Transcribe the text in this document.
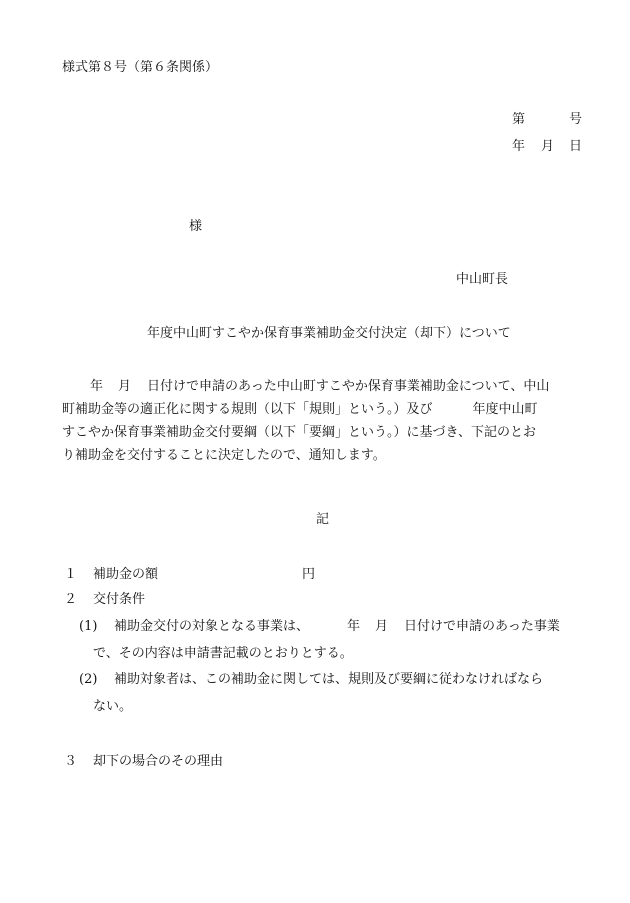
様式第８号（第６条関係）
第	号
年 月 日
様
中山町長
年度中山町すこやか保育事業補助金交付決定（却下）について
年 月 日付けで申請のあった中山町すこやか保育事業補助金について、中山
町補助金等の適正化に関する規則（以下「規則」という。）及び	年度中山町
すこやか保育事業補助金交付要綱（以下「要綱」という。）に基づき、下記のとお
り補助金を交付することに決定したので、通知します。
記
１ 補助金の額	円
２ 交付条件
(1) 補助金交付の対象となる事業は、	年 月 日付けで申請のあった事業
で、その内容は申請書記載のとおりとする。
(2) 補助対象者は、この補助金に関しては、規則及び要綱に従わなければなら
ない。
３ 却下の場合のその理由
